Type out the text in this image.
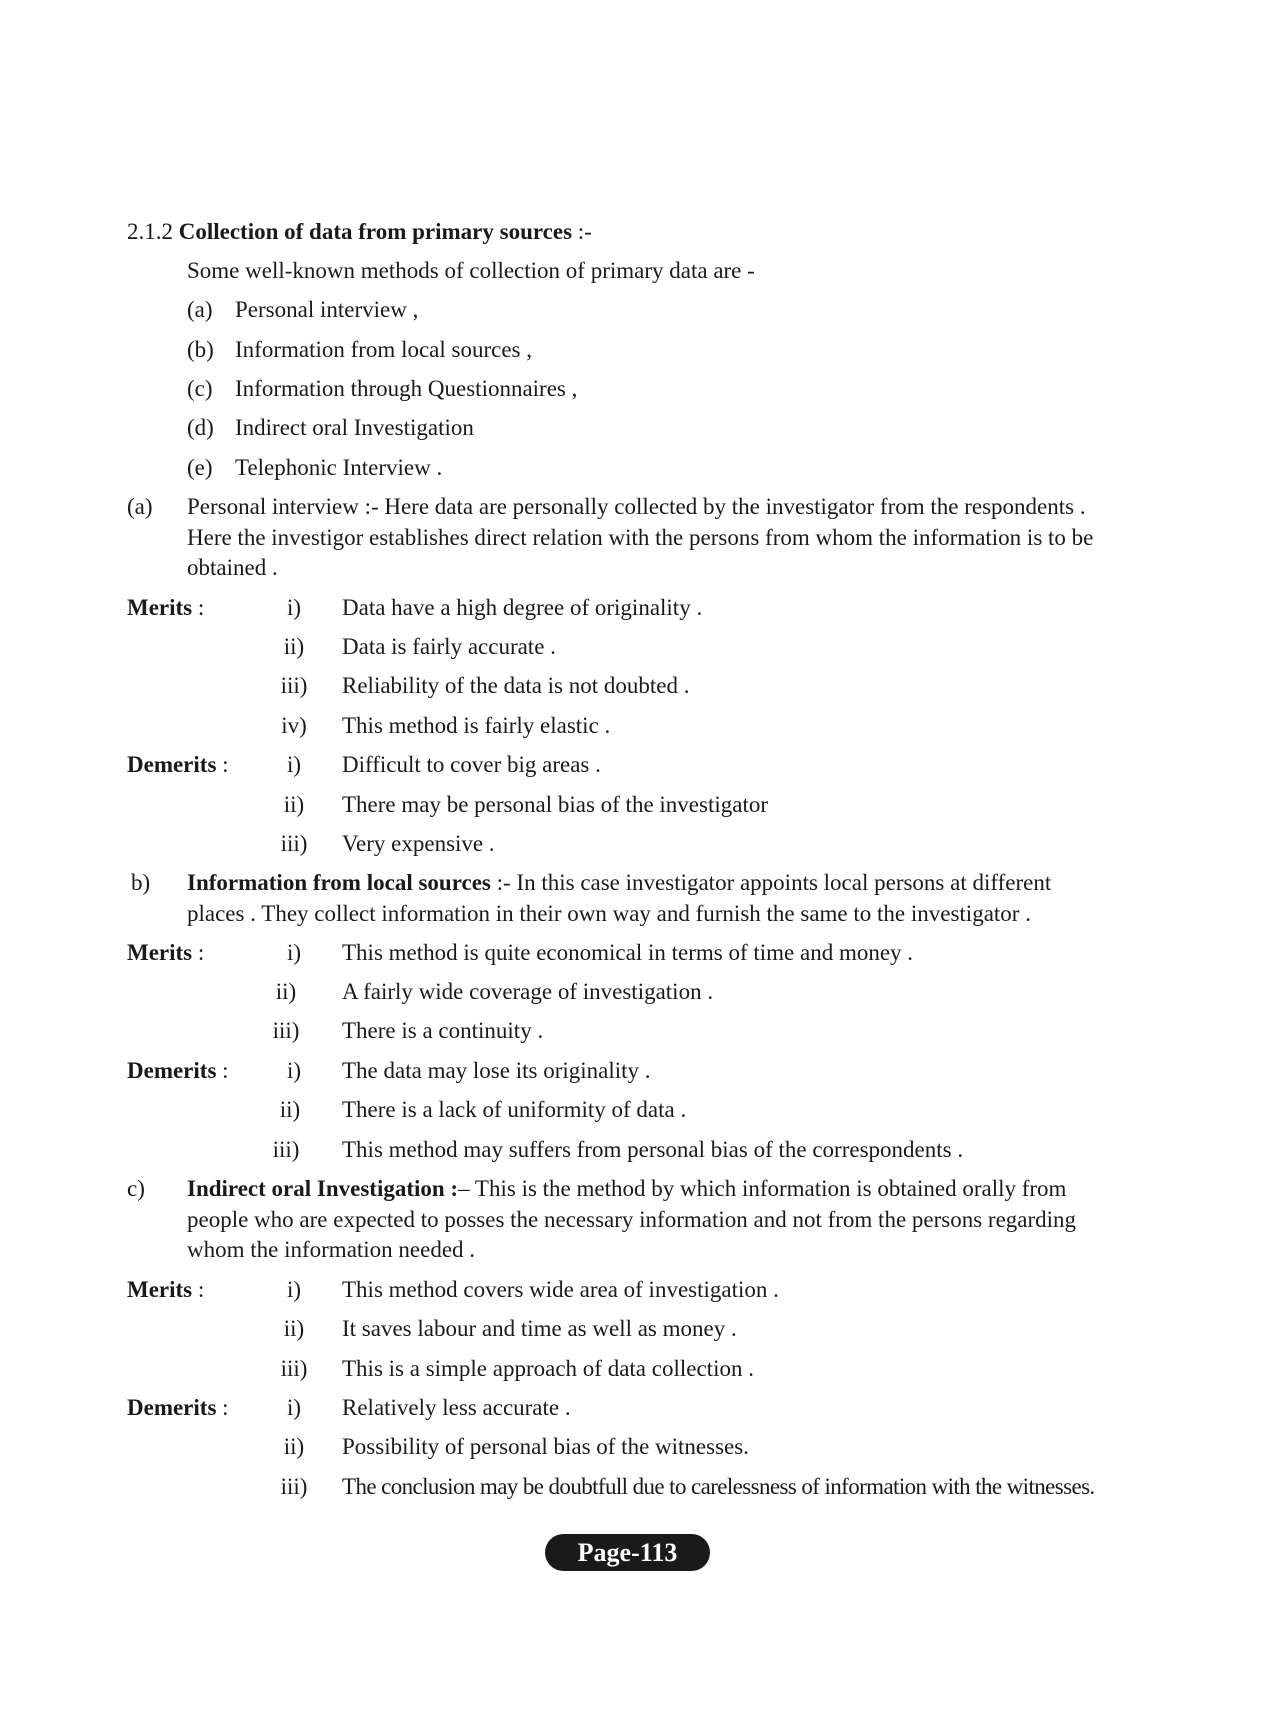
2.1.2 Collection of data from primary sources :-
Some well-known methods of collection of primary data are -
(a) Personal interview ,
(b) Information from local sources ,
(c) Information through Questionnaires ,
(d) Indirect oral Investigation
(e) Telephonic Interview .
(a) Personal interview :- Here data are personally collected by the investigator from the respondents .
Here the investigor establishes direct relation with the persons from whom the information is to be
obtained .
Merits :	i)	Data have a high degree of originality .
ii)	Data is fairly accurate .
iii)	Reliability of the data is not doubted .
iv)	This method is fairly elastic .
Demerits :	i)	Difficult to cover big areas .
ii)	There may be personal bias of the investigator
iii)	Very expensive .
b) Information from local sources :- In this case investigator appoints local persons at different
places . They collect information in their own way and furnish the same to the investigator .
Merits :	i)	This method is quite economical in terms of time and money .
ii)	A fairly wide coverage of investigation .
iii)	There is a continuity .
Demerits :	i)	The data may lose its originality .
ii)	There is a lack of uniformity of data .
iii)	This method may suffers from personal bias of the correspondents .
c) Indirect oral Investigation :– This is the method by which information is obtained orally from
people who are expected to posses the necessary information and not from the persons regarding
whom the information needed .
Merits :	i)	This method covers wide area of investigation .
ii)	It saves labour and time as well as money .
iii)	This is a simple approach of data collection .
Demerits :	i)	Relatively less accurate .
ii)	Possibility of personal bias of the witnesses.
iii)	The conclusion may be doubtfull due to carelessness of information with the witnesses.
Page-113
